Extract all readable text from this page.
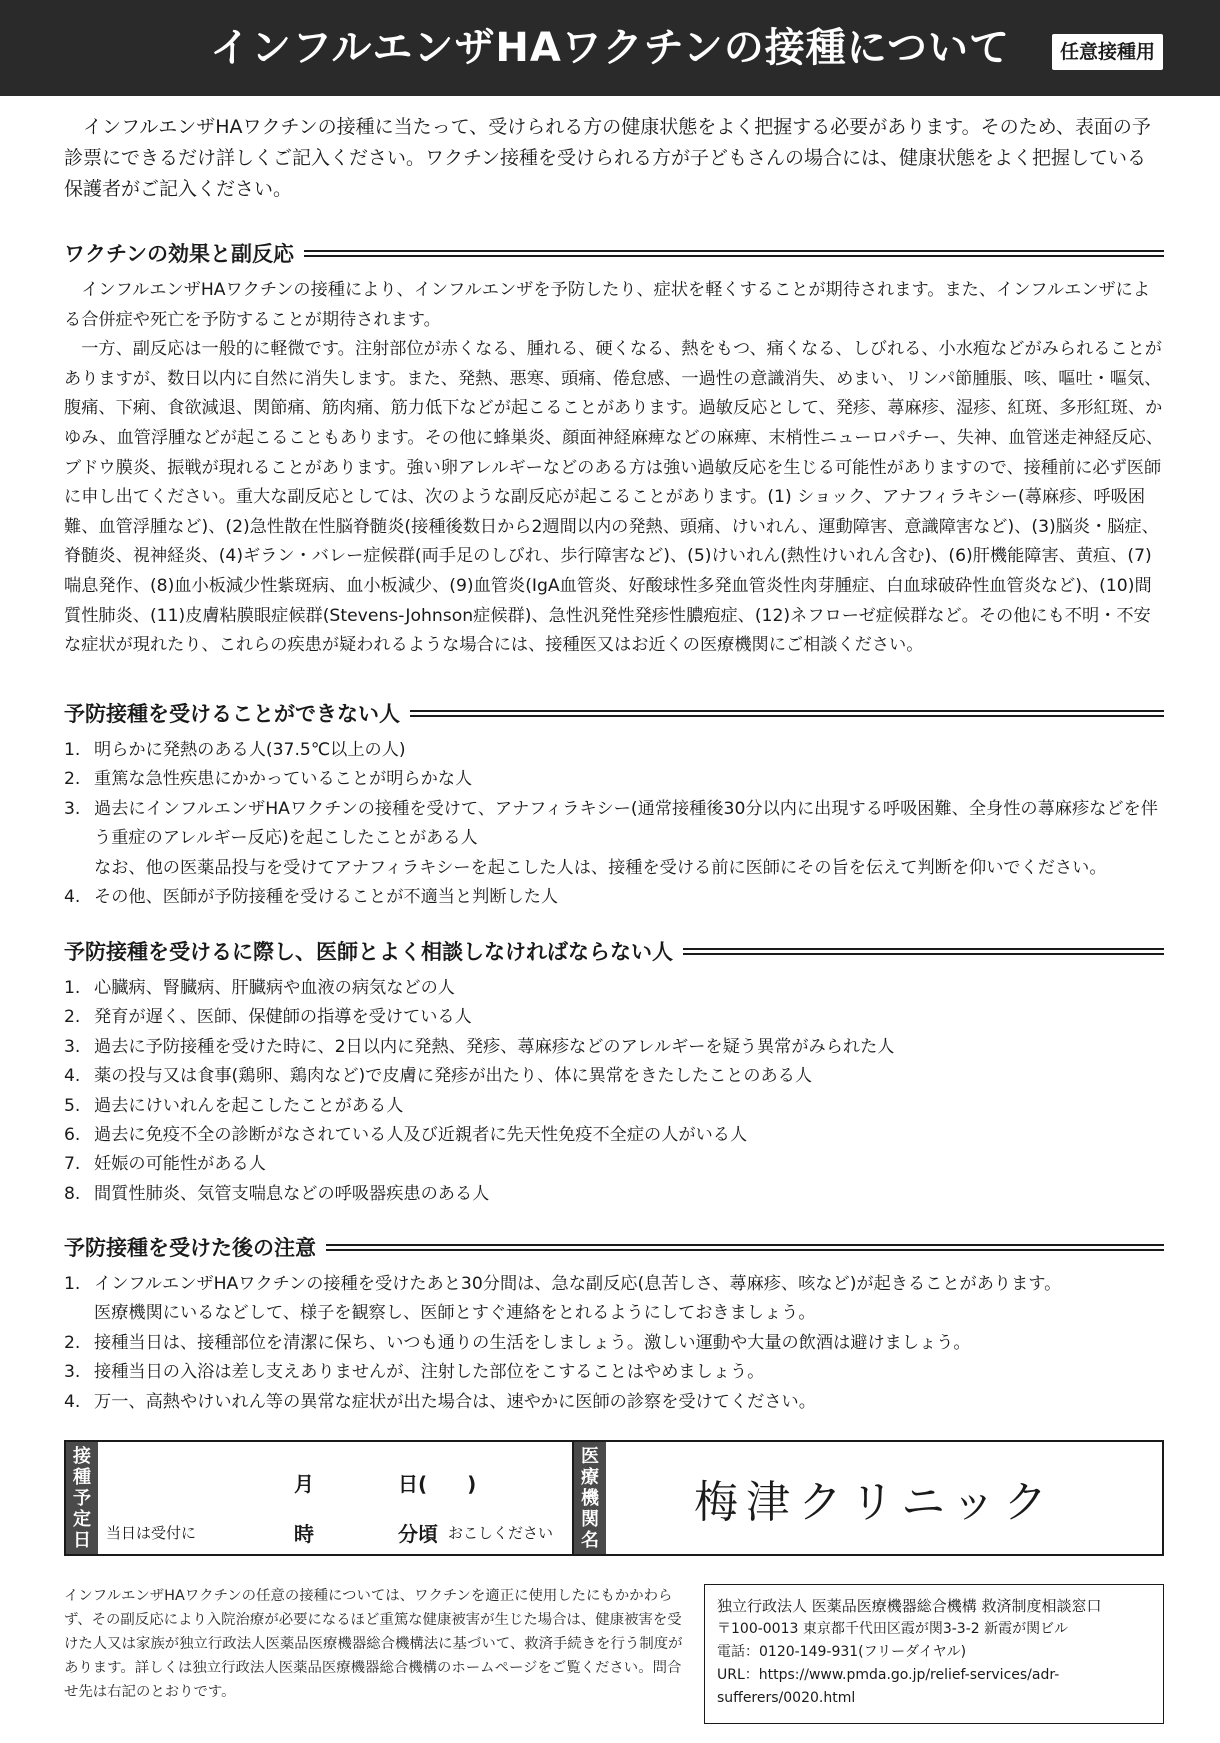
インフルエンザHAワクチンの接種について	任意接種用

インフルエンザHAワクチンの接種に当たって、受けられる方の健康状態をよく把握する必要があります。そのため、表面の予診票にできるだけ詳しくご記入ください。ワクチン接種を受けられる方が子どもさんの場合には、健康状態をよく把握している保護者がご記入ください。

ワクチンの効果と副反応

インフルエンザHAワクチンの接種により、インフルエンザを予防したり、症状を軽くすることが期待されます。また、インフルエンザによる合併症や死亡を予防することが期待されます。

一方、副反応は一般的に軽微です。注射部位が赤くなる、腫れる、硬くなる、熱をもつ、痛くなる、しびれる、小水疱などがみられることがありますが、数日以内に自然に消失します。また、発熱、悪寒、頭痛、倦怠感、一過性の意識消失、めまい、リンパ節腫脹、咳、嘔吐・嘔気、腹痛、下痢、食欲減退、関節痛、筋肉痛、筋力低下などが起こることがあります。過敏反応として、発疹、蕁麻疹、湿疹、紅斑、多形紅斑、かゆみ、血管浮腫などが起こることもあります。その他に蜂巣炎、顔面神経麻痺などの麻痺、末梢性ニューロパチー、失神、血管迷走神経反応、ブドウ膜炎、振戦が現れることがあります。強い卵アレルギーなどのある方は強い過敏反応を生じる可能性がありますので、接種前に必ず医師に申し出てください。重大な副反応としては、次のような副反応が起こることがあります。(1) ショック、アナフィラキシー(蕁麻疹、呼吸困難、血管浮腫など)、(2)急性散在性脳脊髄炎(接種後数日から2週間以内の発熱、頭痛、けいれん、運動障害、意識障害など)、(3)脳炎・脳症、脊髄炎、視神経炎、(4)ギラン・バレー症候群(両手足のしびれ、歩行障害など)、(5)けいれん(熱性けいれん含む)、(6)肝機能障害、黄疸、(7)喘息発作、(8)血小板減少性紫斑病、血小板減少、(9)血管炎(IgA血管炎、好酸球性多発血管炎性肉芽腫症、白血球破砕性血管炎など)、(10)間質性肺炎、(11)皮膚粘膜眼症候群(Stevens-Johnson症候群)、急性汎発性発疹性膿疱症、(12)ネフローゼ症候群など。その他にも不明・不安な症状が現れたり、これらの疾患が疑われるような場合には、接種医又はお近くの医療機関にご相談ください。

予防接種を受けることができない人
1. 明らかに発熱のある人(37.5℃以上の人)
2. 重篤な急性疾患にかかっていることが明らかな人
3. 過去にインフルエンザHAワクチンの接種を受けて、アナフィラキシー(通常接種後30分以内に出現する呼吸困難、全身性の蕁麻疹などを伴う重症のアレルギー反応)を起こしたことがある人
なお、他の医薬品投与を受けてアナフィラキシーを起こした人は、接種を受ける前に医師にその旨を伝えて判断を仰いでください。
4. その他、医師が予防接種を受けることが不適当と判断した人
予防接種を受けるに際し、医師とよく相談しなければならない人
1. 心臓病、腎臓病、肝臓病や血液の病気などの人
2. 発育が遅く、医師、保健師の指導を受けている人
3. 過去に予防接種を受けた時に、2日以内に発熱、発疹、蕁麻疹などのアレルギーを疑う異常がみられた人
4. 薬の投与又は食事(鶏卵、鶏肉など)で皮膚に発疹が出たり、体に異常をきたしたことのある人
5. 過去にけいれんを起こしたことがある人
6. 過去に免疫不全の診断がなされている人及び近親者に先天性免疫不全症の人がいる人
7. 妊娠の可能性がある人
8. 間質性肺炎、気管支喘息などの呼吸器疾患のある人
予防接種を受けた後の注意
1. インフルエンザHAワクチンの接種を受けたあと30分間は、急な副反応(息苦しさ、蕁麻疹、咳など)が起きることがあります。
医療機関にいるなどして、様子を観察し、医師とすぐ連絡をとれるようにしておきましょう。
2. 接種当日は、接種部位を清潔に保ち、いつも通りの生活をしましょう。激しい運動や大量の飲酒は避けましょう。
3. 接種当日の入浴は差し支えありませんが、注射した部位をこすることはやめましょう。
4. 万一、高熱やけいれん等の異常な症状が出た場合は、速やかに医師の診察を受けてください。
接
種
予
定
日
月	日(　　)
当日は受付に	時	分頃 おこしください
医
療
機
関
名
梅津クリニック

インフルエンザHAワクチンの任意の接種については、ワクチンを適正に使用したにもかかわらず、その副反応により入院治療が必要になるほど重篤な健康被害が生じた場合は、健康被害を受けた人又は家族が独立行政法人医薬品医療機器総合機構法に基づいて、救済手続きを行う制度があります。詳しくは独立行政法人医薬品医療機器総合機構のホームページをご覧ください。問合せ先は右記のとおりです。

独立行政法人 医薬品医療機器総合機構 救済制度相談窓口
〒100-0013 東京都千代田区霞が関3-3-2 新霞が関ビル
電話：0120-149-931(フリーダイヤル)
URL：https://www.pmda.go.jp/relief-services/adr-sufferers/0020.html
